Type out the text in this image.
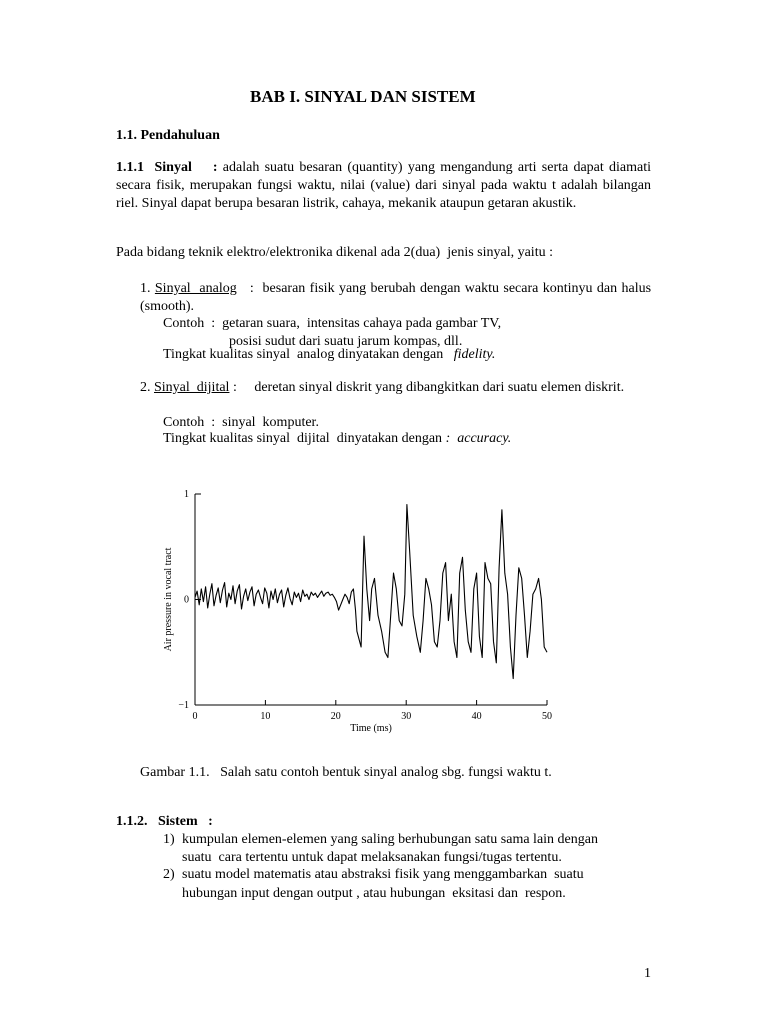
BAB I. SINYAL DAN SISTEM
1.1. Pendahuluan
1.1.1  Sinyal    : adalah suatu besaran (quantity) yang mengandung arti serta dapat diamati secara fisik, merupakan fungsi waktu, nilai (value) dari sinyal pada waktu t adalah bilangan riel. Sinyal dapat berupa besaran listrik, cahaya, mekanik ataupun getaran akustik.
Pada bidang teknik elektro/elektronika dikenal ada 2(dua)  jenis sinyal, yaitu :
1. Sinyal  analog : besaran fisik yang berubah dengan waktu secara kontinyu dan halus (smooth).
Contoh  :  getaran suara,  intensitas cahaya pada gambar TV,
posisi sudut dari suatu jarum kompas, dll.
Tingkat kualitas sinyal  analog dinyatakan dengan fidelity.
2. Sinyal  dijital : deretan sinyal diskrit yang dibangkitkan dari suatu elemen diskrit.
Contoh  :  sinyal  komputer.
Tingkat kualitas sinyal  dijital  dinyatakan dengan :  accuracy.
0	10	20	30	40	50
1
0
−1
Time (ms)
Air pressure in vocal tract
Gambar 1.1.   Salah satu contoh bentuk sinyal analog sbg. fungsi waktu t.
1.1.2.   Sistem   :
1) kumpulan elemen-elemen yang saling berhubungan satu sama lain dengan
suatu  cara tertentu untuk dapat melaksanakan fungsi/tugas tertentu.
2) suatu model matematis atau abstraksi fisik yang menggambarkan  suatu
hubungan input dengan output , atau hubungan  eksitasi dan  respon.
1
